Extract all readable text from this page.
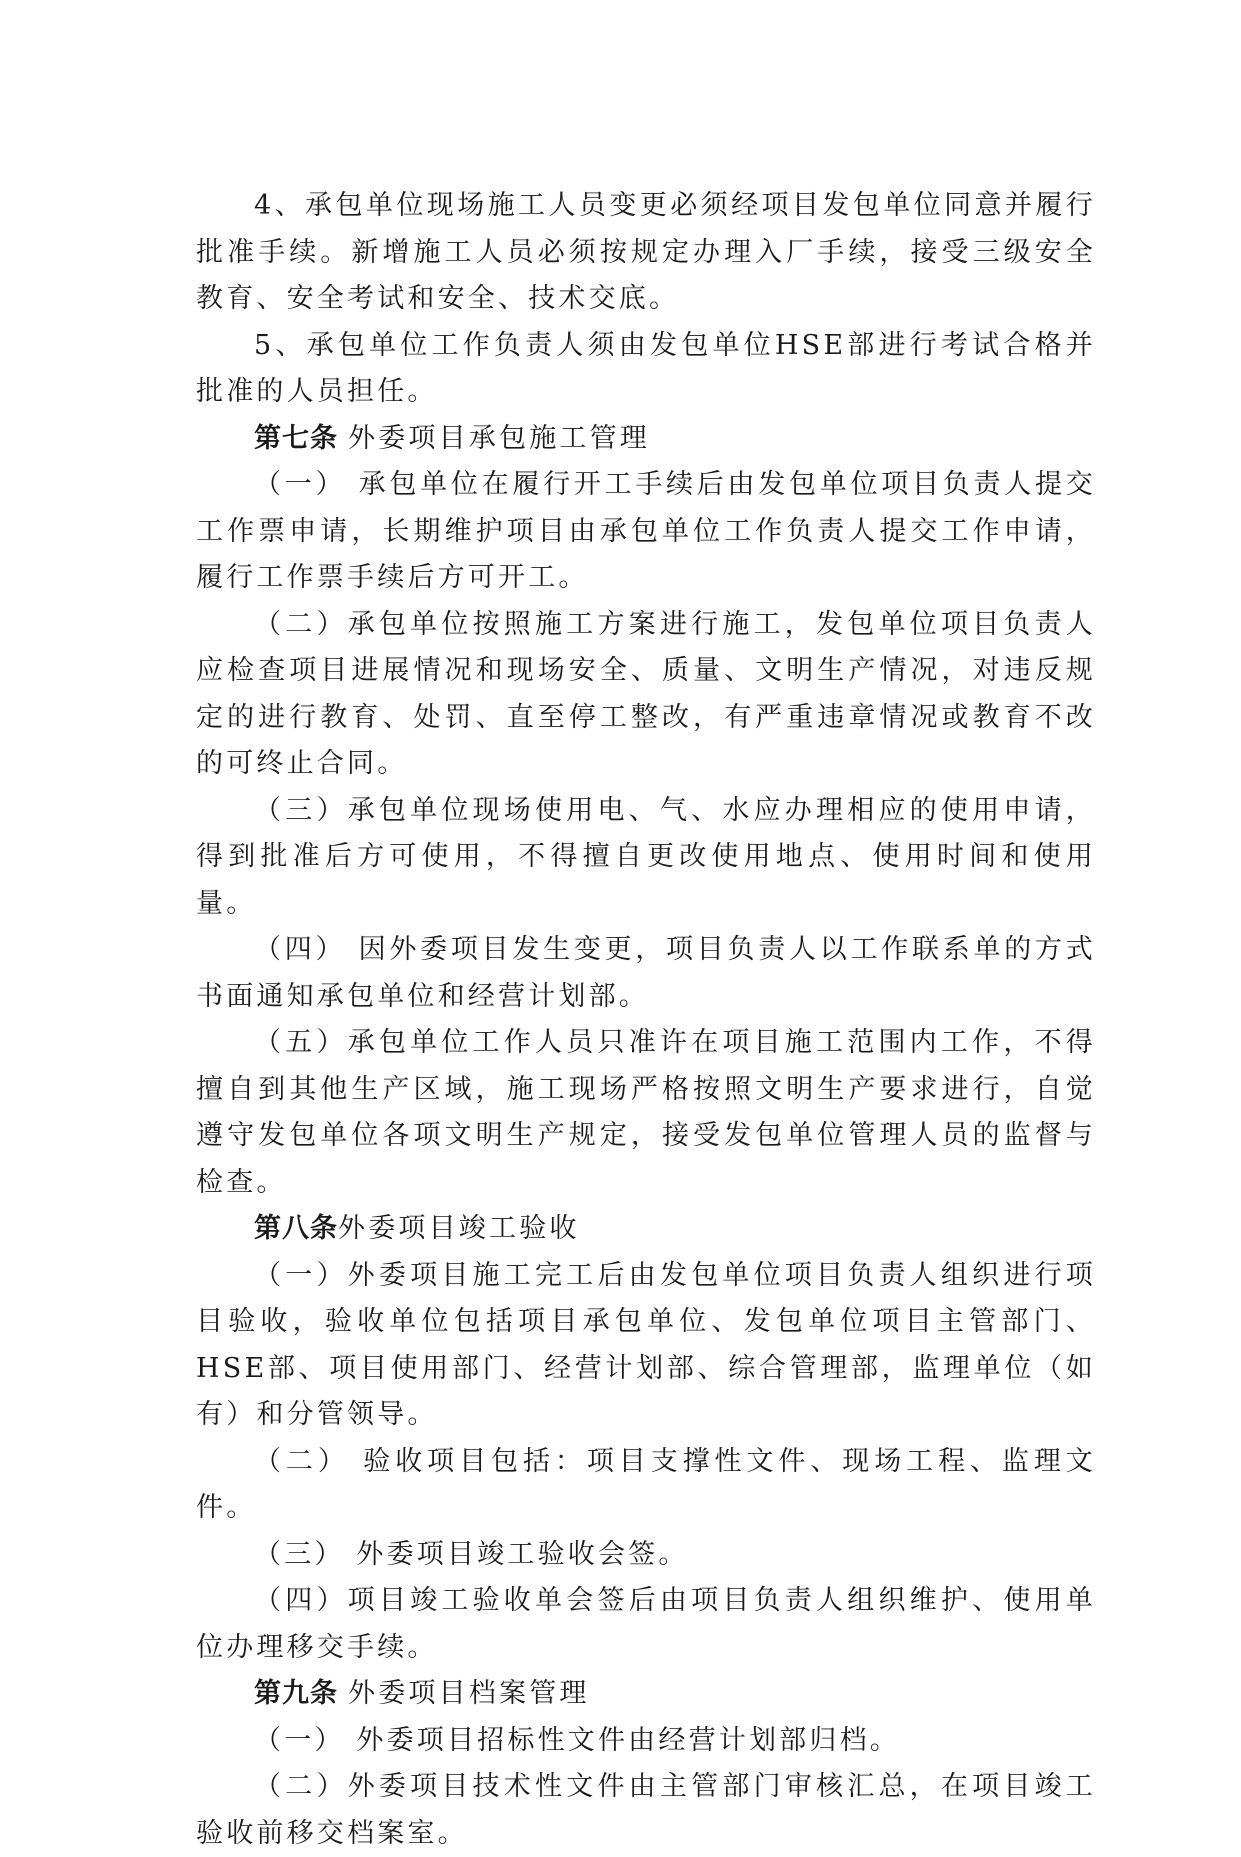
4、承包单位现场施工人员变更必须经项目发包单位同意并履行批准手续。新增施工人员必须按规定办理入厂手续，接受三级安全教育、安全考试和安全、技术交底。

5、承包单位工作负责人须由发包单位HSE部进行考试合格并批准的人员担任。

第七条 外委项目承包施工管理

（一） 承包单位在履行开工手续后由发包单位项目负责人提交工作票申请，长期维护项目由承包单位工作负责人提交工作申请，履行工作票手续后方可开工。

（二）承包单位按照施工方案进行施工，发包单位项目负责人应检查项目进展情况和现场安全、质量、文明生产情况，对违反规定的进行教育、处罚、直至停工整改，有严重违章情况或教育不改的可终止合同。

（三）承包单位现场使用电、气、水应办理相应的使用申请，得到批准后方可使用，不得擅自更改使用地点、使用时间和使用量。

（四） 因外委项目发生变更，项目负责人以工作联系单的方式书面通知承包单位和经营计划部。

（五）承包单位工作人员只准许在项目施工范围内工作，不得擅自到其他生产区域，施工现场严格按照文明生产要求进行，自觉遵守发包单位各项文明生产规定，接受发包单位管理人员的监督与检查。

第八条外委项目竣工验收

（一）外委项目施工完工后由发包单位项目负责人组织进行项目验收，验收单位包括项目承包单位、发包单位项目主管部门、HSE部、项目使用部门、经营计划部、综合管理部，监理单位（如有）和分管领导。

（二） 验收项目包括：项目支撑性文件、现场工程、监理文件。

（三） 外委项目竣工验收会签。

（四）项目竣工验收单会签后由项目负责人组织维护、使用单位办理移交手续。

第九条 外委项目档案管理

（一） 外委项目招标性文件由经营计划部归档。

（二）外委项目技术性文件由主管部门审核汇总，在项目竣工验收前移交档案室。
